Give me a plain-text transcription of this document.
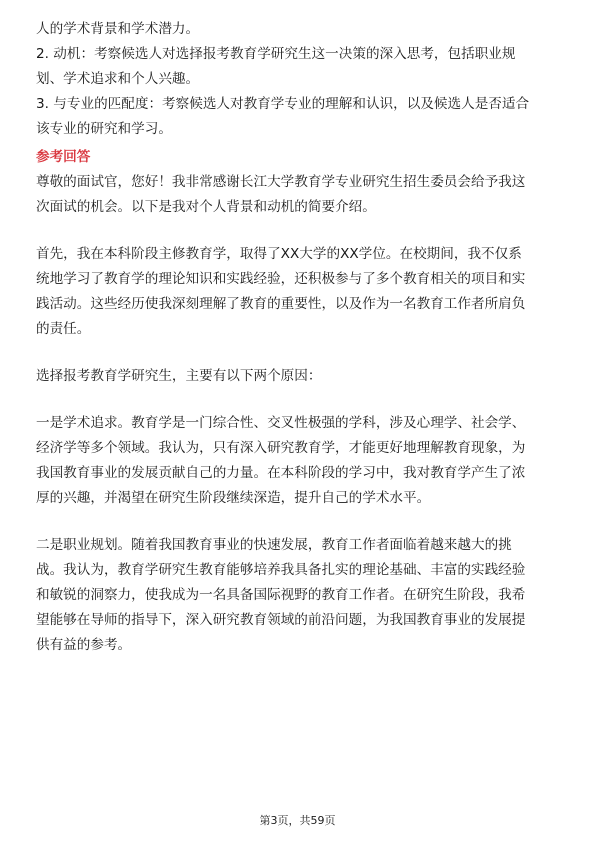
人的学术背景和学术潜力。
2. 动机：考察候选人对选择报考教育学研究生这一决策的深入思考，包括职业规
划、学术追求和个人兴趣。
3. 与专业的匹配度：考察候选人对教育学专业的理解和认识，以及候选人是否适合
该专业的研究和学习。
参考回答
尊敬的面试官，您好！我非常感谢长江大学教育学专业研究生招生委员会给予我这
次面试的机会。以下是我对个人背景和动机的简要介绍。
首先，我在本科阶段主修教育学，取得了XX大学的XX学位。在校期间，我不仅系
统地学习了教育学的理论知识和实践经验，还积极参与了多个教育相关的项目和实
践活动。这些经历使我深刻理解了教育的重要性，以及作为一名教育工作者所肩负
的责任。
选择报考教育学研究生，主要有以下两个原因：
一是学术追求。教育学是一门综合性、交叉性极强的学科，涉及心理学、社会学、
经济学等多个领域。我认为，只有深入研究教育学，才能更好地理解教育现象，为
我国教育事业的发展贡献自己的力量。在本科阶段的学习中，我对教育学产生了浓
厚的兴趣，并渴望在研究生阶段继续深造，提升自己的学术水平。
二是职业规划。随着我国教育事业的快速发展，教育工作者面临着越来越大的挑
战。我认为，教育学研究生教育能够培养我具备扎实的理论基础、丰富的实践经验
和敏锐的洞察力，使我成为一名具备国际视野的教育工作者。在研究生阶段，我希
望能够在导师的指导下，深入研究教育领域的前沿问题，为我国教育事业的发展提
供有益的参考。
第3页，共59页
